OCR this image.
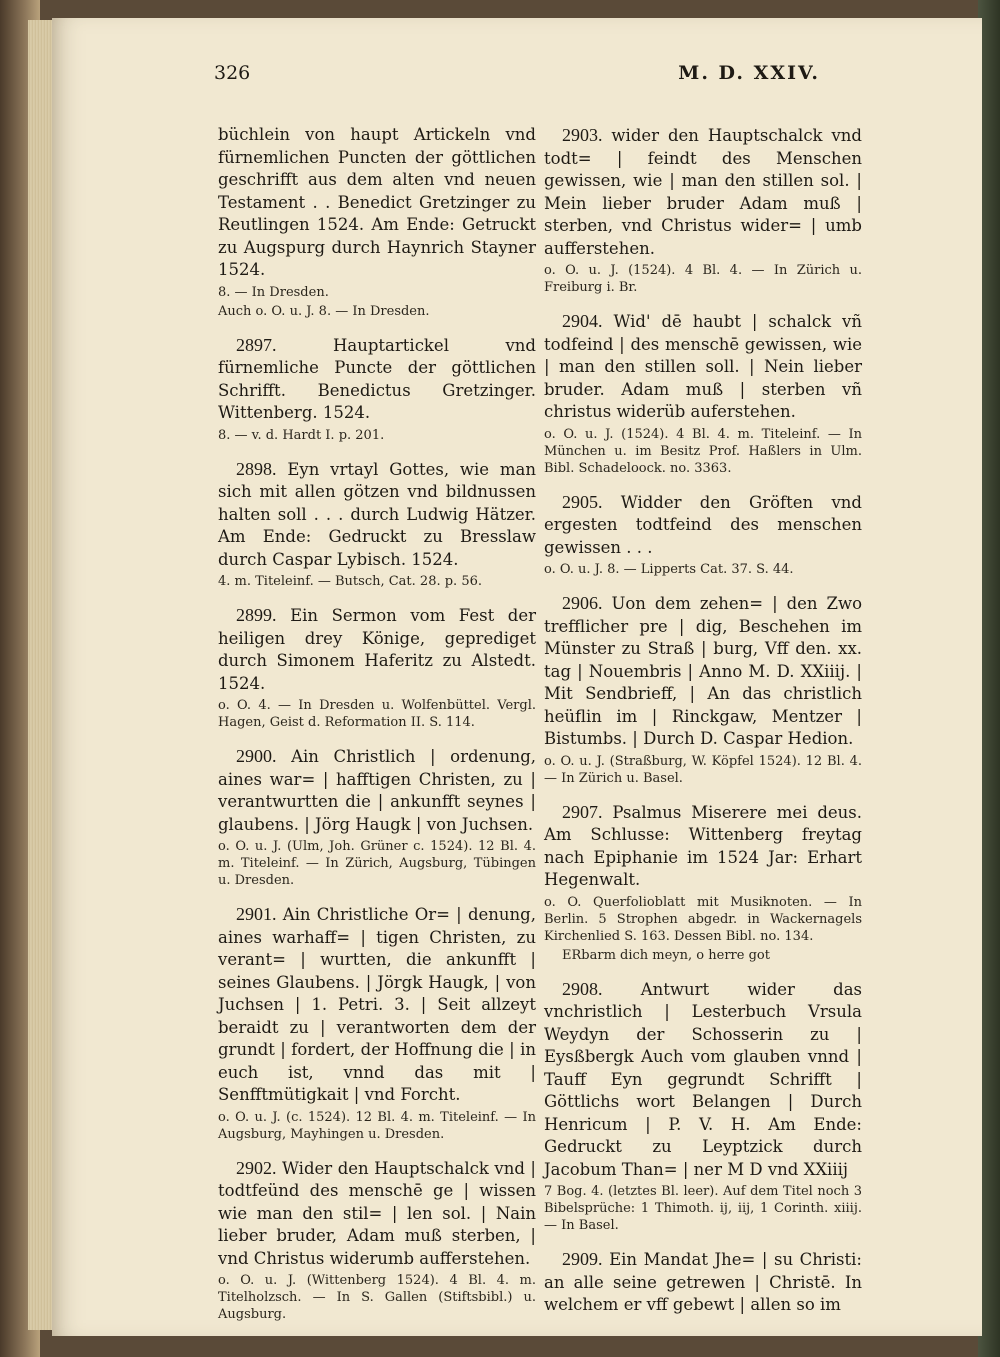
326	M. D. XXIV.

büchlein von haupt Artickeln vnd fürnemlichen Puncten der göttlichen geschrifft aus dem alten vnd neuen Testament . . Benedict Gretzinger zu Reutlingen 1524. Am Ende: Getruckt zu Augspurg durch Haynrich Stayner 1524.

8. — In Dresden.

Auch o. O. u. J. 8. — In Dresden.

2897.	Hauptartickel vnd fürnemliche Puncte der göttlichen Schrifft. Benedictus Gretzinger. Wittenberg. 1524.

8. — v. d. Hardt I. p. 201.

2898. Eyn vrtayl Gottes, wie man sich mit allen götzen vnd bildnussen halten soll . . . durch Ludwig Hätzer. Am Ende: Gedruckt zu Bresslaw durch Caspar Lybisch. 1524.

4. m. Titeleinf. — Butsch, Cat. 28. p. 56.

2899. Ein Sermon vom Fest der heiligen drey Könige, geprediget durch Simonem Haferitz zu Alstedt. 1524.

o. O. 4. — In Dresden u. Wolfenbüttel. Vergl. Hagen, Geist d. Reformation II. S. 114.

2900. Ain Christlich | ordenung, aines war= | hafftigen Christen, zu | verantwurtten die | ankunfft seynes | glaubens. | Jörg Haugk | von Juchsen.

o. O. u. J. (Ulm, Joh. Grüner c. 1524). 12 Bl. 4. m. Titeleinf. — In Zürich, Augsburg, Tübingen u. Dresden.

2901. Ain Christliche Or= | denung, aines warhaff= | tigen Christen, zu verant= | wurtten, die ankunfft | seines Glaubens. | Jörgk Haugk, | von Juchsen | 1. Petri. 3. | Seit allzeyt beraidt zu | verantworten dem der grundt | fordert, der Hoffnung die | in euch ist, vnnd das mit | Senfftmütigkait | vnd Forcht.

o. O. u. J. (c. 1524). 12 Bl. 4. m. Titeleinf. — In Augsburg, Mayhingen u. Dresden.

2902. Wider den Hauptschalck vnd | todtfeünd des menschē ge | wissen wie man den stil= | len sol. | Nain lieber bruder, Adam muß sterben, | vnd Christus widerumb aufferstehen.

o. O. u. J. (Wittenberg 1524). 4 Bl. 4. m. Titelholzsch. — In S. Gallen (Stiftsbibl.) u. Augsburg.

2903. wider den Hauptschalck vnd todt= | feindt des Menschen gewissen, wie | man den stillen sol. | Mein lieber bruder Adam muß | sterben, vnd Christus wider= | umb aufferstehen.

o. O. u. J. (1524). 4 Bl. 4. — In Zürich u. Freiburg i. Br.

2904. Wid' dē haubt | schalck vñ todfeind | des menschē gewissen, wie | man den stillen soll. | Nein lieber bruder. Adam muß | sterben vñ christus widerüb auferstehen.

o. O. u. J. (1524). 4 Bl. 4. m. Titeleinf. — In München u. im Besitz Prof. Haßlers in Ulm. Bibl. Schadeloock. no. 3363.

2905. Widder den Gröften vnd ergesten todtfeind des menschen gewissen . . .

o. O. u. J. 8. — Lipperts Cat. 37. S. 44.

2906. Uon dem zehen= | den Zwo trefflicher pre | dig, Beschehen im Münster zu Straß | burg, Vff den. xx. tag | Nouembris | Anno M. D. XXiiij. | Mit Sendbrieff, | An das christlich heüflin im | Rinckgaw, Mentzer | Bistumbs. | Durch D. Caspar Hedion.

o. O. u. J. (Straßburg, W. Köpfel 1524). 12 Bl. 4. — In Zürich u. Basel.

2907. Psalmus Miserere mei deus. Am Schlusse: Wittenberg freytag nach Epiphanie im 1524 Jar: Erhart Hegenwalt.

o. O. Querfolioblatt mit Musiknoten. — In Berlin. 5 Strophen abgedr. in Wackernagels Kirchenlied S. 163. Dessen Bibl. no. 134.

ERbarm dich meyn, o herre got

2908. Antwurt wider das vnchristlich | Lesterbuch Vrsula Weydyn der Schosserin zu | Eysßbergk Auch vom glauben vnnd | Tauff Eyn gegrundt Schrifft | Göttlichs wort Belangen | Durch Henricum | P. V. H. Am Ende: Gedruckt zu Leyptzick durch Jacobum Than= | ner M D vnd XXiiij

7 Bog. 4. (letztes Bl. leer). Auf dem Titel noch 3 Bibelsprüche: 1 Thimoth. ij, iij, 1 Corinth. xiiij. — In Basel.

2909. Ein Mandat Jhe= | su Christi: an alle seine getrewen | Christē. In welchem er vff gebewt | allen so im
